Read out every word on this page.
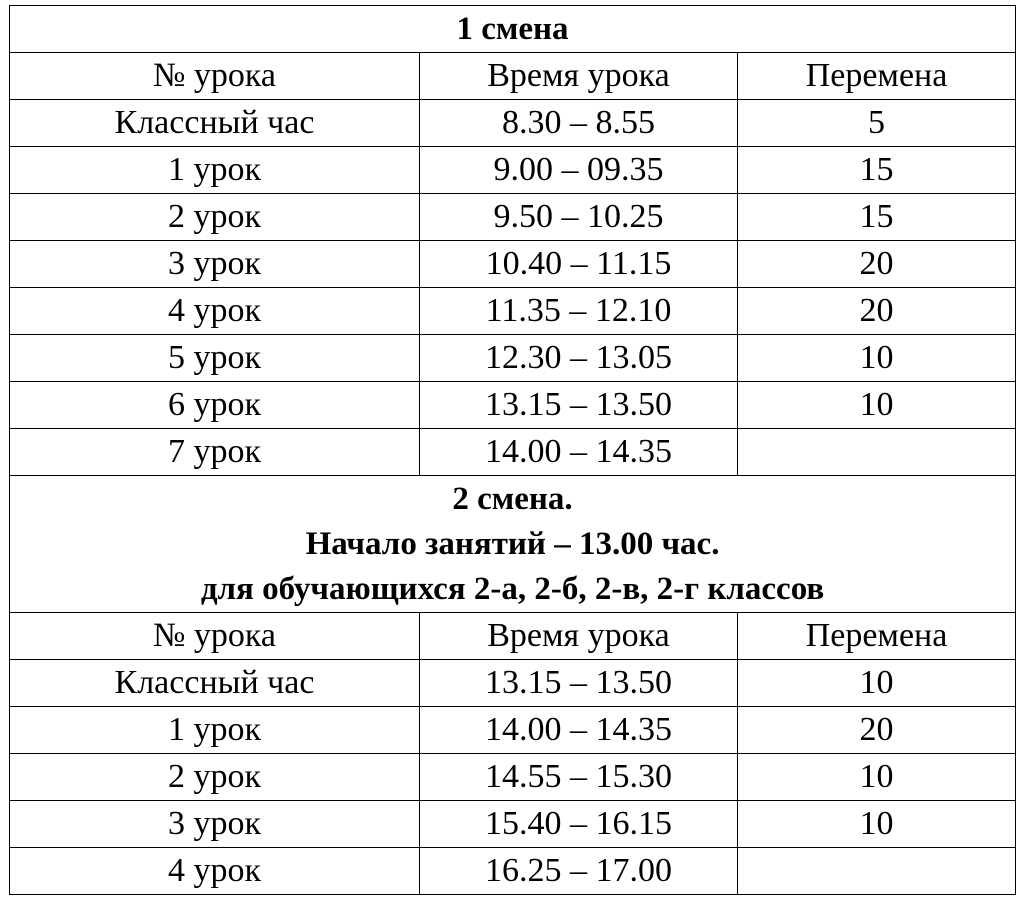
1 смена		
№ урока	Время урока	Перемена
Классный час	8.30 – 8.55	5
1 урок	9.00 – 09.35	15
2 урок	9.50 – 10.25	15
3 урок	10.40 – 11.15	20
4 урок	11.35 – 12.10	20
5 урок	12.30 – 13.05	10
6 урок	13.15 – 13.50	10
7 урок	14.00 – 14.35	

2 смена.
Начало занятий – 13.00 час.
для обучающихся 2-а, 2-б, 2-в, 2-г классов		

№ урока	Время урока	Перемена
Классный час	13.15 – 13.50	10
1 урок	14.00 – 14.35	20
2 урок	14.55 – 15.30	10
3 урок	15.40 – 16.15	10
4 урок	16.25 – 17.00	
